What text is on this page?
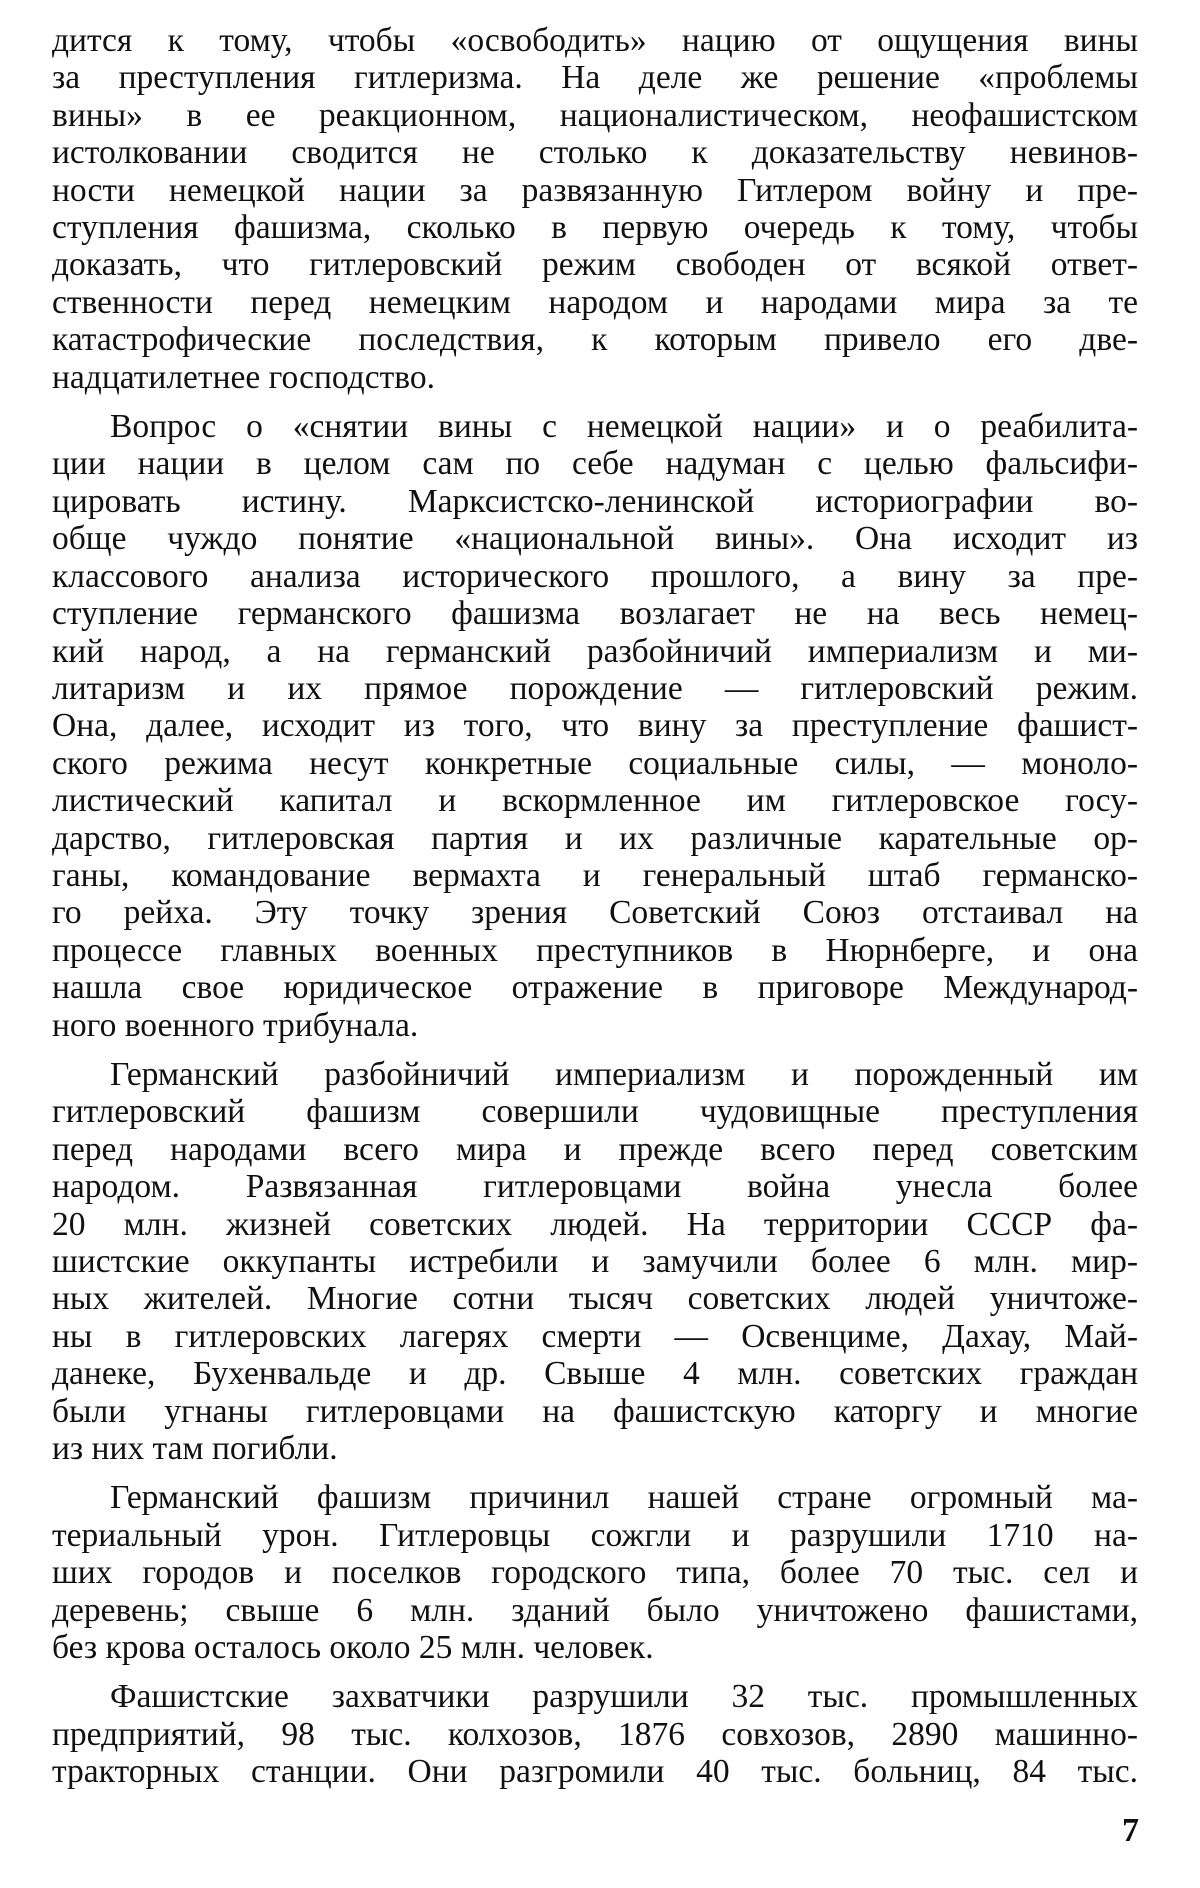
дится к тому, чтобы «освободить» нацию от ощущения вины
за преступления гитлеризма. На деле же решение «проблемы
вины» в ее реакционном, националистическом, неофашистском
истолковании сводится не столько к доказательству невинов-
ности немецкой нации за развязанную Гитлером войну и пре-
ступления фашизма, сколько в первую очередь к тому, чтобы
доказать, что гитлеровский режим свободен от всякой ответ-
ственности перед немецким народом и народами мира за те
катастрофические последствия, к которым привело его две-
надцатилетнее господство.
Вопрос о «снятии вины с немецкой нации» и о реабилита-
ции нации в целом сам по себе надуман с целью фальсифи-
цировать истину. Марксистско-ленинской историографии во-
обще чуждо понятие «национальной вины». Она исходит из
классового анализа исторического прошлого, а вину за пре-
ступление германского фашизма возлагает не на весь немец-
кий народ, а на германский разбойничий империализм и ми-
литаризм и их прямое порождение — гитлеровский режим.
Она, далее, исходит из того, что вину за преступление фашист-
ского режима несут конкретные социальные силы, — моноло-
листический капитал и вскормленное им гитлеровское госу-
дарство, гитлеровская партия и их различные карательные ор-
ганы, командование вермахта и генеральный штаб германско-
го рейха. Эту точку зрения Советский Союз отстаивал на
процессе главных военных преступников в Нюрнберге, и она
нашла свое юридическое отражение в приговоре Международ-
ного военного трибунала.
Германский разбойничий империализм и порожденный им
гитлеровский фашизм совершили чудовищные преступления
перед народами всего мира и прежде всего перед советским
народом. Развязанная гитлеровцами война унесла более
20 млн. жизней советских людей. На территории СССР фа-
шистские оккупанты истребили и замучили более 6 млн. мир-
ных жителей. Многие сотни тысяч советских людей уничтоже-
ны в гитлеровских лагерях смерти — Освенциме, Дахау, Май-
данеке, Бухенвальде и др. Свыше 4 млн. советских граждан
были угнаны гитлеровцами на фашистскую каторгу и многие
из них там погибли.
Германский фашизм причинил нашей стране огромный ма-
териальный урон. Гитлеровцы сожгли и разрушили 1710 на-
ших городов и поселков городского типа, более 70 тыс. сел и
деревень; свыше 6 млн. зданий было уничтожено фашистами,
без крова осталось около 25 млн. человек.
Фашистские захватчики разрушили 32 тыс. промышленных
предприятий, 98 тыс. колхозов, 1876 совхозов, 2890 машинно-
тракторных станции. Они разгромили 40 тыс. больниц, 84 тыс.
7
